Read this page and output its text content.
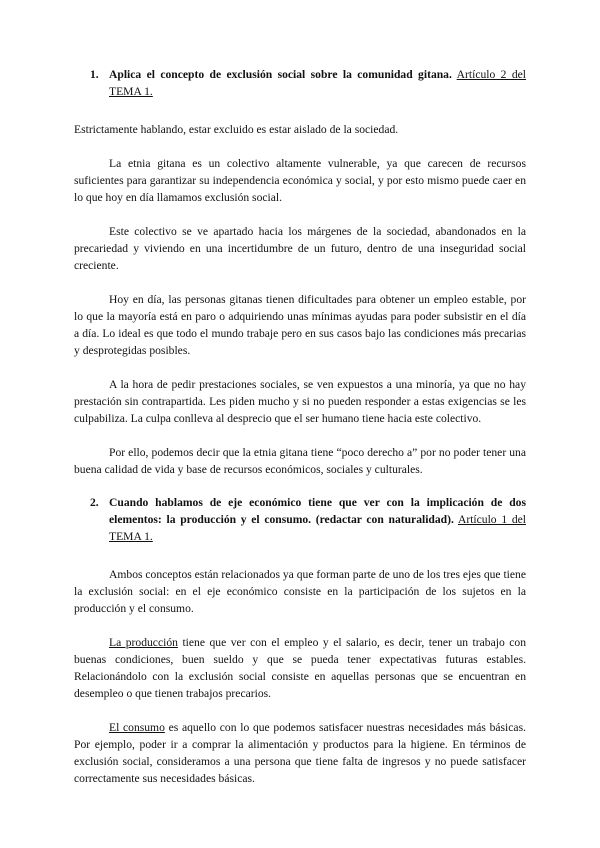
1. Aplica el concepto de exclusión social sobre la comunidad gitana. Artículo 2 del TEMA 1.

Estrictamente hablando, estar excluido es estar aislado de la sociedad.

La etnia gitana es un colectivo altamente vulnerable, ya que carecen de recursos suficientes para garantizar su independencia económica y social, y por esto mismo puede caer en lo que hoy en día llamamos exclusión social.

Este colectivo se ve apartado hacia los márgenes de la sociedad, abandonados en la precariedad y viviendo en una incertidumbre de un futuro, dentro de una inseguridad social creciente.

Hoy en día, las personas gitanas tienen dificultades para obtener un empleo estable, por lo que la mayoría está en paro o adquiriendo unas mínimas ayudas para poder subsistir en el día a día. Lo ideal es que todo el mundo trabaje pero en sus casos bajo las condiciones más precarias y desprotegidas posibles.

A la hora de pedir prestaciones sociales, se ven expuestos a una minoría, ya que no hay prestación sin contrapartida. Les piden mucho y si no pueden responder a estas exigencias se les culpabiliza. La culpa conlleva al desprecio que el ser humano tiene hacia este colectivo.

Por ello, podemos decir que la etnia gitana tiene “poco derecho a” por no poder tener una buena calidad de vida y base de recursos económicos, sociales y culturales.

2. Cuando hablamos de eje económico tiene que ver con la implicación de dos elementos: la producción y el consumo. (redactar con naturalidad). Artículo 1 del TEMA 1.

Ambos conceptos están relacionados ya que forman parte de uno de los tres ejes que tiene la exclusión social: en el eje económico consiste en la participación de los sujetos en la producción y el consumo.

La producción tiene que ver con el empleo y el salario, es decir, tener un trabajo con buenas condiciones, buen sueldo y que se pueda tener expectativas futuras estables. Relacionándolo con la exclusión social consiste en aquellas personas que se encuentran en desempleo o que tienen trabajos precarios.

El consumo es aquello con lo que podemos satisfacer nuestras necesidades más básicas. Por ejemplo, poder ir a comprar la alimentación y productos para la higiene. En términos de exclusión social, consideramos a una persona que tiene falta de ingresos y no puede satisfacer correctamente sus necesidades básicas.
